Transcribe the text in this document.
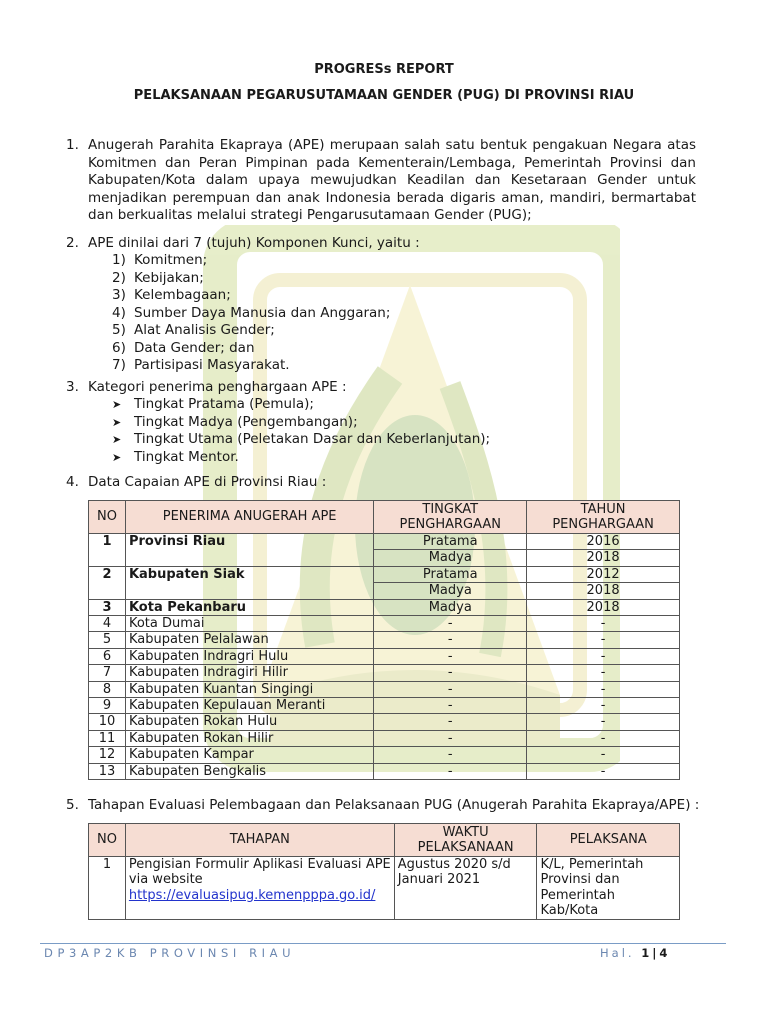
PROGRESs REPORT
PELAKSANAAN PEGARUSUTAMAAN GENDER (PUG) DI PROVINSI RIAU
1. Anugerah Parahita Ekapraya (APE) merupaan salah satu bentuk pengakuan Negara atas Komitmen dan Peran Pimpinan pada Kementerain/Lembaga, Pemerintah Provinsi dan Kabupaten/Kota dalam upaya mewujudkan Keadilan dan Kesetaraan Gender untuk menjadikan perempuan dan anak Indonesia berada digaris aman, mandiri, bermartabat dan berkualitas melalui strategi Pengarusutamaan Gender (PUG);
2. APE dinilai dari 7 (tujuh) Komponen Kunci, yaitu :
1) Komitmen;
2) Kebijakan;
3) Kelembagaan;
4) Sumber Daya Manusia dan Anggaran;
5) Alat Analisis Gender;
6) Data Gender; dan
7) Partisipasi Masyarakat.
3. Kategori penerima penghargaan APE :
➤ Tingkat Pratama (Pemula);
➤ Tingkat Madya (Pengembangan);
➤ Tingkat Utama (Peletakan Dasar dan Keberlanjutan);
➤ Tingkat Mentor.
4. Data Capaian APE di Provinsi Riau :
NO	PENERIMA ANUGERAH APE	TINGKAT PENGHARGAAN	TAHUN PENGHARGAAN
1	Provinsi Riau	Pratama	2016
		Madya	2018
2	Kabupaten Siak	Pratama	2012
		Madya	2018
3	Kota Pekanbaru	Madya	2018
4	Kota Dumai	-	-
5	Kabupaten Pelalawan	-	-
6	Kabupaten Indragri Hulu	-	-
7	Kabupaten Indragiri Hilir	-	-
8	Kabupaten Kuantan Singingi	-	-
9	Kabupaten Kepulauan Meranti	-	-
10	Kabupaten Rokan Hulu	-	-
11	Kabupaten Rokan Hilir	-	-
12	Kabupaten Kampar	-	-
13	Kabupaten Bengkalis	-	-
5. Tahapan Evaluasi Pelembagaan dan Pelaksanaan PUG (Anugerah Parahita Ekapraya/APE) :
NO	TAHAPAN	WAKTU PELAKSANAAN	PELAKSANA
1	Pengisian Formulir Aplikasi Evaluasi APE via website
https://evaluasipug.kemenpppa.go.id/	Agustus 2020 s/d Januari 2021	K/L, Pemerintah Provinsi dan Pemerintah Kab/Kota
DP3AP2KB PROVINSI RIAU	Hal. 1|4
